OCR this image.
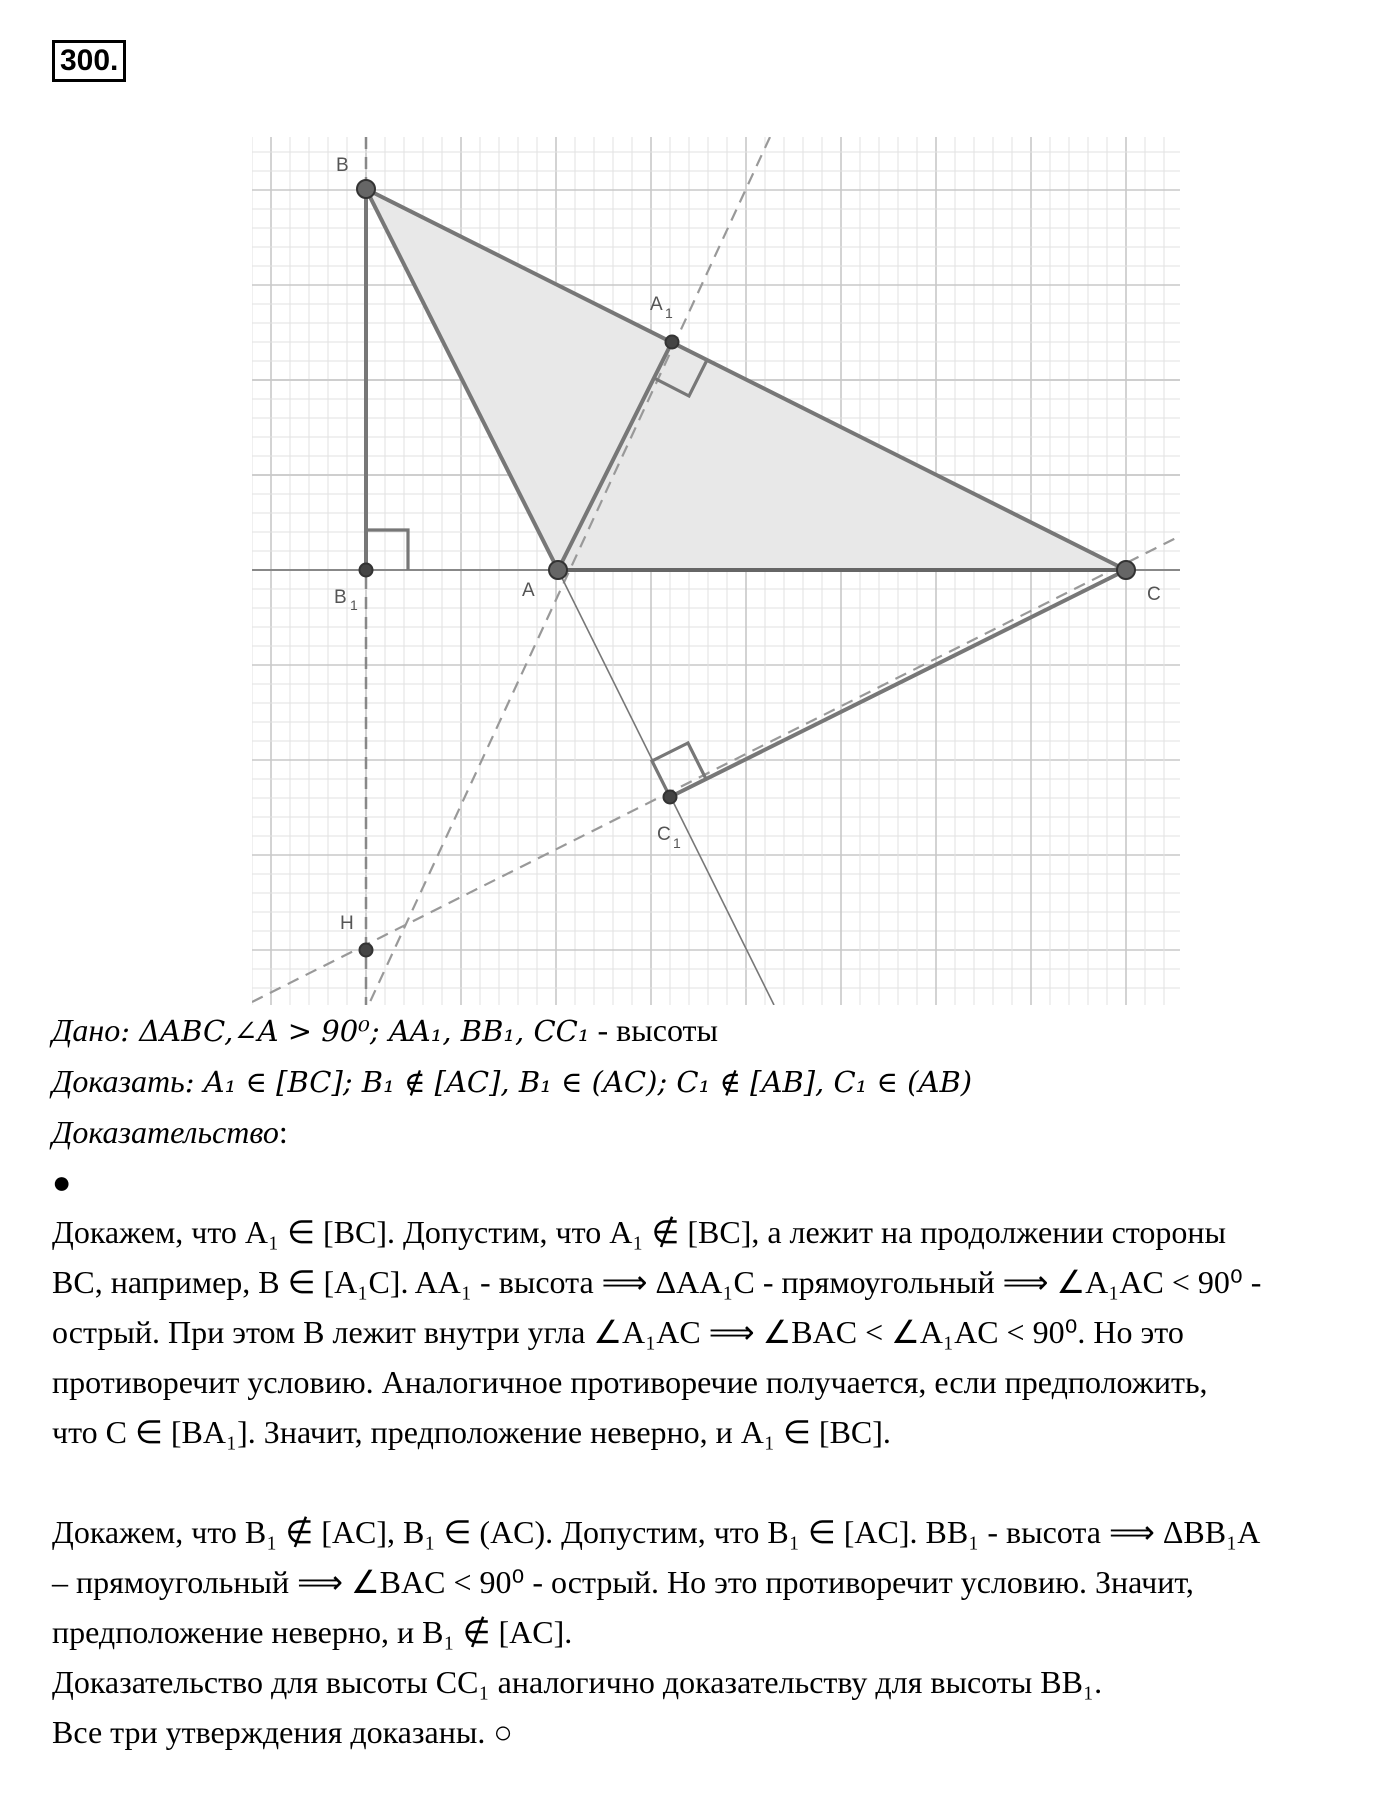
300.
B
A 1
B 1
A	C
C 1
H

Дано: ΔABC,∠A > 90⁰; AA₁, BB₁, CC₁ - высоты

Доказать: A₁ ∈ [BC]; B₁ ∉ [AC], B₁ ∈ (AC); C₁ ∉ [AB], C₁ ∈ (AB)

Доказательство:

●

Докажем, что A₁ ∈ [BC]. Допустим, что A₁ ∉ [BC], а лежит на продолжении стороны

BC, например, B ∈ [A₁C]. AA₁ - высота ⟹ ΔAA₁C - прямоугольный ⟹ ∠A₁AC < 90⁰ -

острый. При этом B лежит внутри угла ∠A₁AC ⟹ ∠BAC < ∠A₁AC < 90⁰. Но это

противоречит условию. Аналогичное противоречие получается, если предположить,

что C ∈ [BA₁]. Значит, предположение неверно, и A₁ ∈ [BC].

Докажем, что B₁ ∉ [AC], B₁ ∈ (AC). Допустим, что B₁ ∈ [AC]. BB₁ - высота ⟹ ΔBB₁A

– прямоугольный ⟹ ∠BAC < 90⁰ - острый. Но это противоречит условию. Значит,

предположение неверно, и B₁ ∉ [AC].

Доказательство для высоты CC₁ аналогично доказательству для высоты BB₁.

Все три утверждения доказаны. ○
